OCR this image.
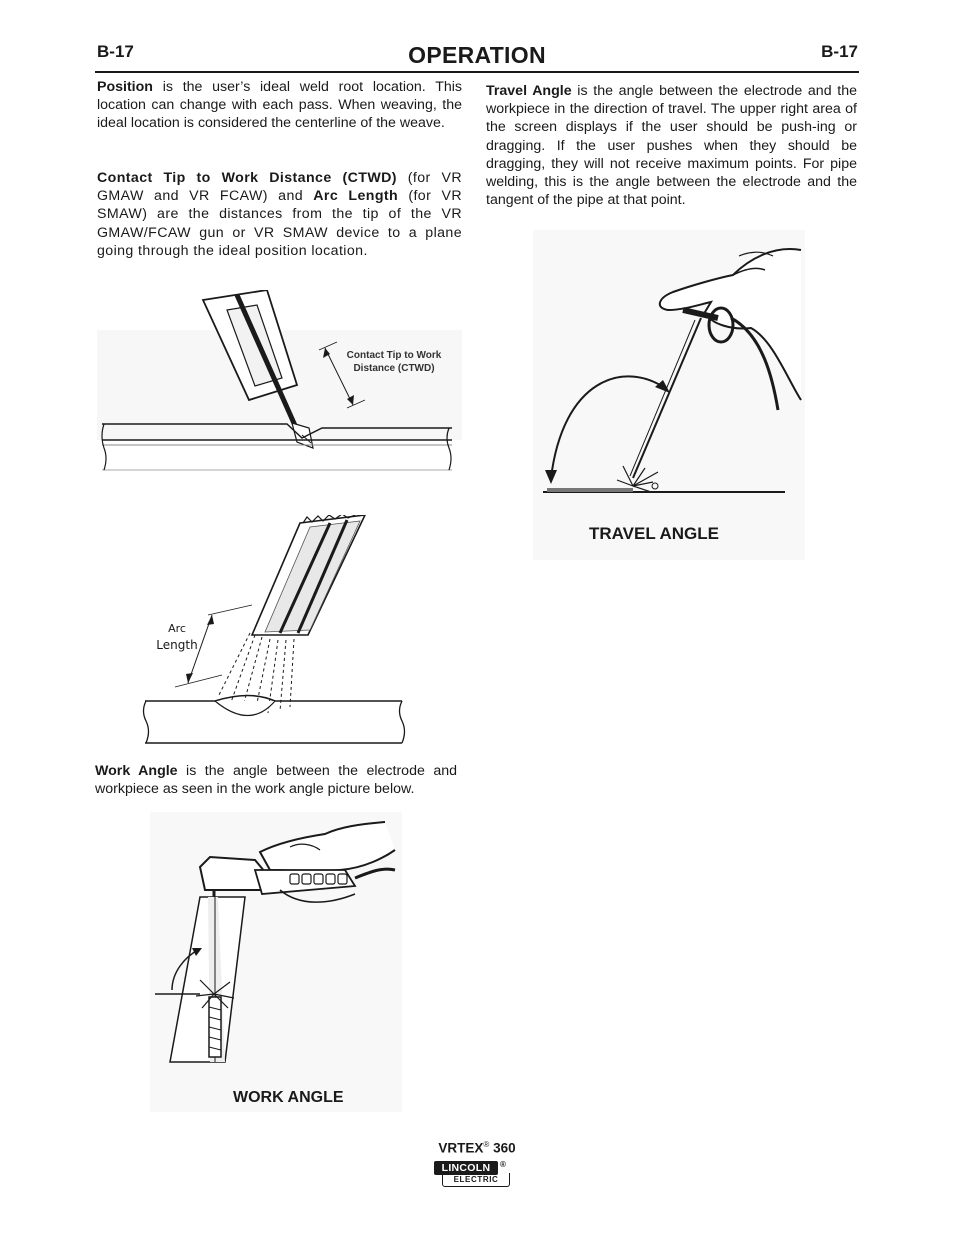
B-17	OPERATION	B-17

Position is the user’s ideal weld root location. This location can change with each pass. When weaving, the ideal location is considered the centerline of the weave.

Contact Tip to Work Distance (CTWD) (for VR GMAW and VR FCAW) and Arc Length (for VR SMAW) are the distances from the tip of the VR GMAW/FCAW gun or VR SMAW device to a plane going through the ideal position location.

Travel Angle is the angle between the electrode and the workpiece in the direction of travel. The upper right area of the screen displays if the user should be push-ing or dragging. If the user pushes when they should be dragging, they will not receive maximum points. For pipe welding, this is the angle between the electrode and the tangent of the pipe at that point.

Work Angle is the angle between the electrode and workpiece as seen in the work angle picture below.

Contact Tip to Work
Distance (CTWD)
Arc
Length
TRAVEL ANGLE
WORK ANGLE
VRTEX® 360
LINCOLN	®
ELECTRIC
